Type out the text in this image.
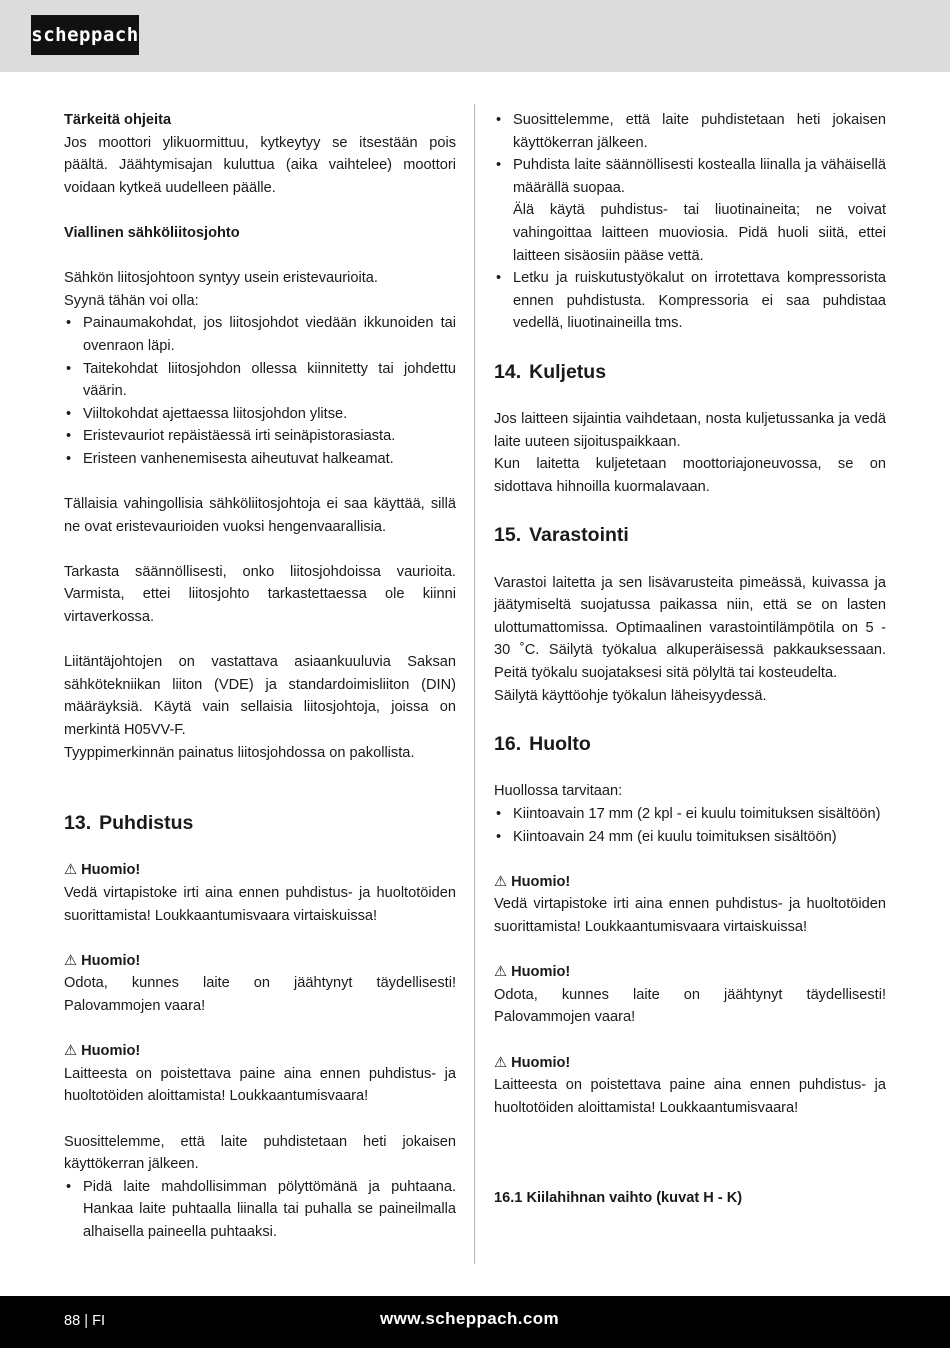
scheppach

Tärkeitä ohjeita

Jos moottori ylikuormittuu, kytkeytyy se itsestään pois päältä. Jäähtymisajan kuluttua (aika vaihtelee) moottori voidaan kytkeä uudelleen päälle.

Viallinen sähköliitosjohto

Sähkön liitosjohtoon syntyy usein eristevaurioita.

Syynä tähän voi olla:

• Painaumakohdat, jos liitosjohdot viedään ikkunoiden tai ovenraon läpi.
• Taitekohdat liitosjohdon ollessa kiinnitetty tai johdettu väärin.
• Viiltokohdat ajettaessa liitosjohdon ylitse.
• Eristevauriot repäistäessä irti seinäpistorasiasta.
• Eristeen vanhenemisesta aiheutuvat halkeamat.

Tällaisia vahingollisia sähköliitosjohtoja ei saa käyttää, sillä ne ovat eristevaurioiden vuoksi hengenvaarallisia.

Tarkasta säännöllisesti, onko liitosjohdoissa vaurioita. Varmista, ettei liitosjohto tarkastettaessa ole kiinni virtaverkossa.

Liitäntäjohtojen on vastattava asiaankuuluvia Saksan sähkötekniikan liiton (VDE) ja standardoimisliiton (DIN) määräyksiä. Käytä vain sellaisia liitosjohtoja, joissa on merkintä H05VV-F.

Tyyppimerkinnän painatus liitosjohdossa on pakollista.

13. Puhdistus

⚠ Huomio!

Vedä virtapistoke irti aina ennen puhdistus- ja huoltotöiden suorittamista! Loukkaantumisvaara virtaiskuissa!

⚠ Huomio!

Odota, kunnes laite on jäähtynyt täydellisesti! Palovammojen vaara!

⚠ Huomio!

Laitteesta on poistettava paine aina ennen puhdistus- ja huoltotöiden aloittamista! Loukkaantumisvaara!

Suosittelemme, että laite puhdistetaan heti jokaisen käyttökerran jälkeen.

• Pidä laite mahdollisimman pölyttömänä ja puhtaana. Hankaa laite puhtaalla liinalla tai puhalla se paineilmalla alhaisella paineella puhtaaksi.
• Suosittelemme, että laite puhdistetaan heti jokaisen käyttökerran jälkeen.
• Puhdista laite säännöllisesti kostealla liinalla ja vähäisellä määrällä suopaa.
Älä käytä puhdistus- tai liuotinaineita; ne voivat vahingoittaa laitteen muoviosia. Pidä huoli siitä, ettei laitteen sisäosiin pääse vettä.
• Letku ja ruiskutustyökalut on irrotettava kompressorista ennen puhdistusta. Kompressoria ei saa puhdistaa vedellä, liuotinaineilla tms.
14. Kuljetus

Jos laitteen sijaintia vaihdetaan, nosta kuljetussanka ja vedä laite uuteen sijoituspaikkaan.

Kun laitetta kuljetetaan moottoriajoneuvossa, se on sidottava hihnoilla kuormalavaan.

15. Varastointi

Varastoi laitetta ja sen lisävarusteita pimeässä, kuivassa ja jäätymiseltä suojatussa paikassa niin, että se on lasten ulottumattomissa. Optimaalinen varastointilämpötila on 5 - 30 ˚C. Säilytä työkalua alkuperäisessä pakkauksessaan. Peitä työkalu suojataksesi sitä pölyltä tai kosteudelta.

Säilytä käyttöohje työkalun läheisyydessä.

16. Huolto

Huollossa tarvitaan:

• Kiintoavain 17 mm (2 kpl - ei kuulu toimituksen sisältöön)
• Kiintoavain 24 mm (ei kuulu toimituksen sisältöön)

⚠ Huomio!

Vedä virtapistoke irti aina ennen puhdistus- ja huoltotöiden suorittamista! Loukkaantumisvaara virtaiskuissa!

⚠ Huomio!

Odota, kunnes laite on jäähtynyt täydellisesti! Palovammojen vaara!

⚠ Huomio!

Laitteesta on poistettava paine aina ennen puhdistus- ja huoltotöiden aloittamista! Loukkaantumisvaara!

16.1 Kiilahihnan vaihto (kuvat H - K)

88 | FI	www.scheppach.com
